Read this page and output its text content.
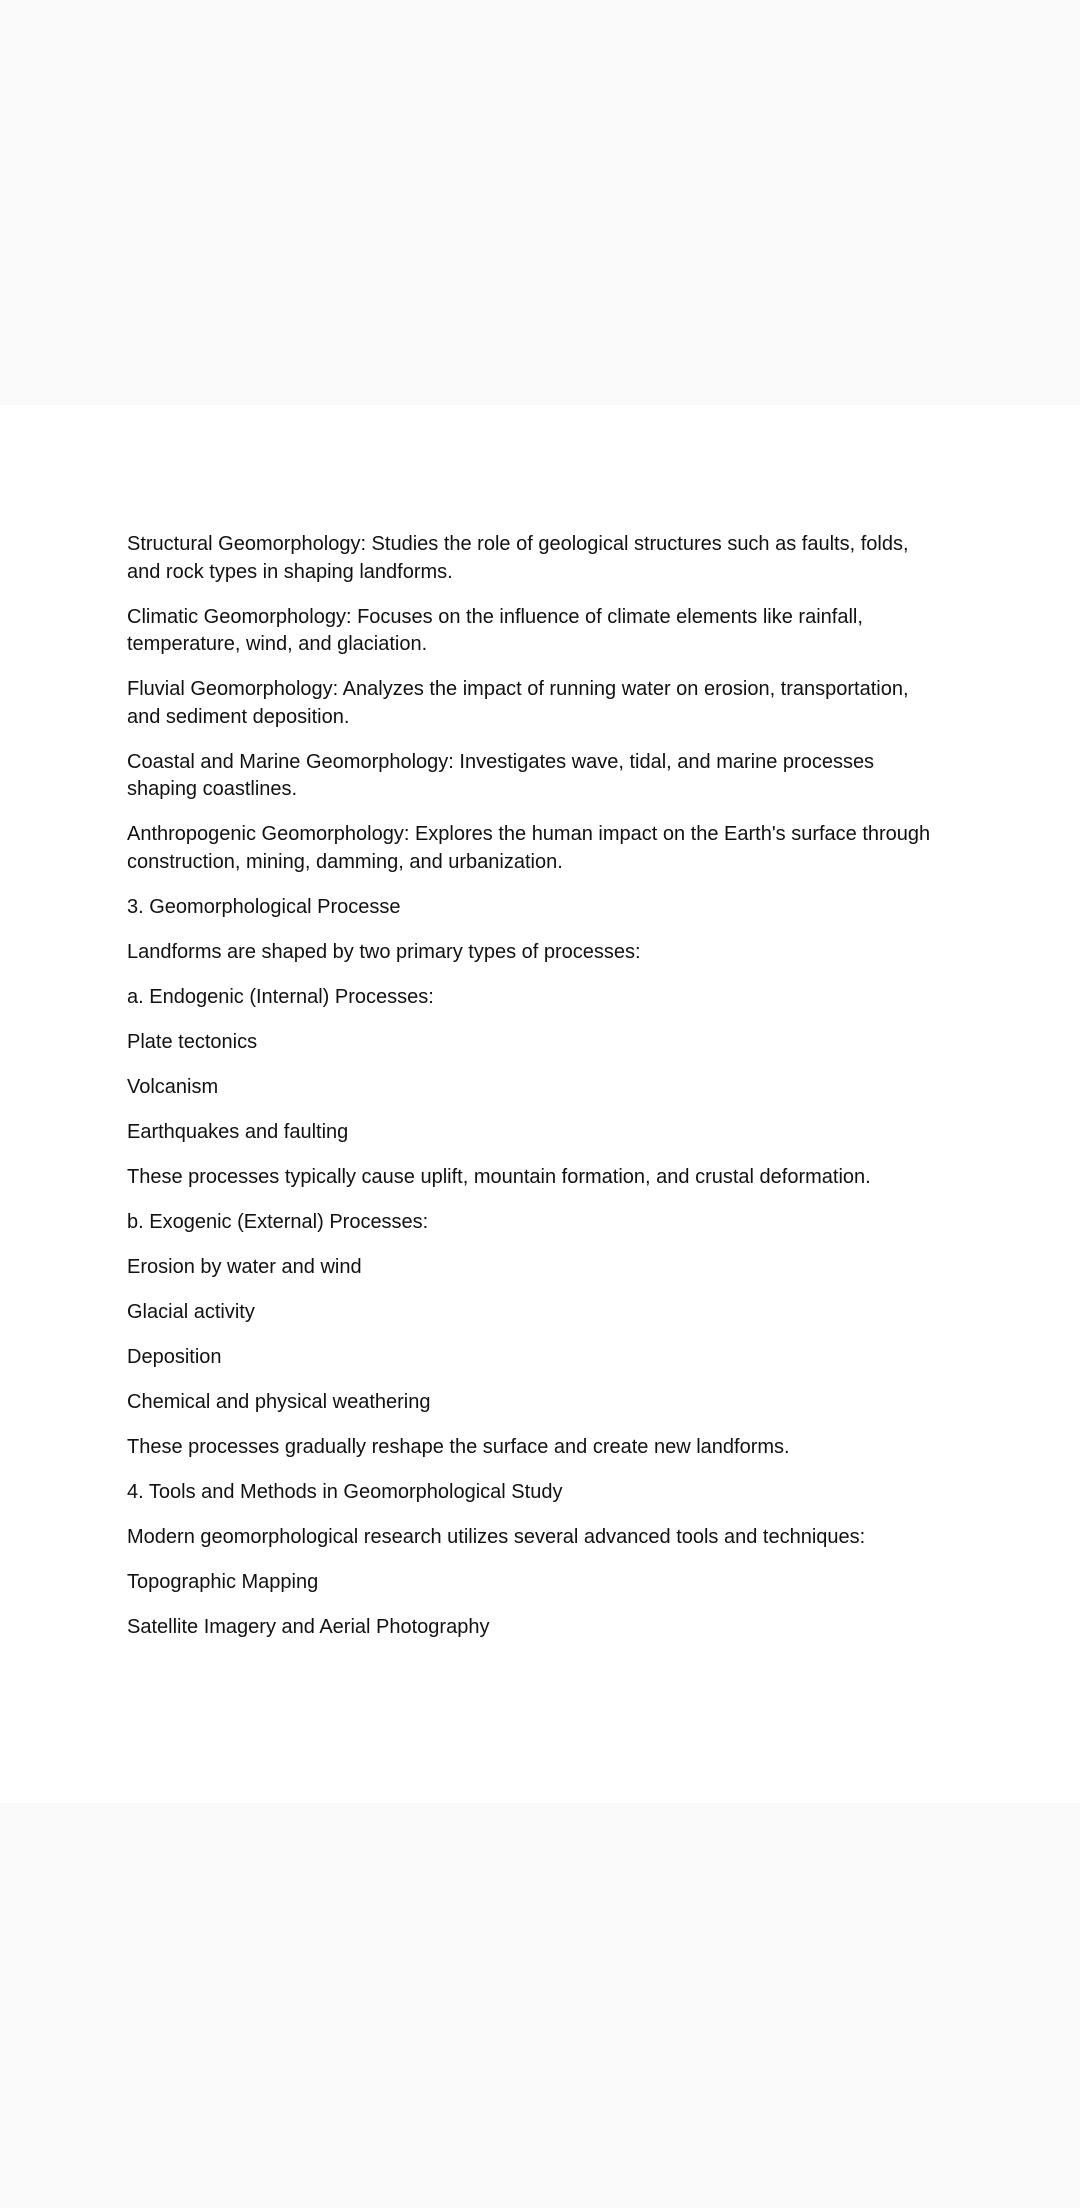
Structural Geomorphology: Studies the role of geological structures such as faults, folds, and rock types in shaping landforms.

Climatic Geomorphology: Focuses on the influence of climate elements like rainfall, temperature, wind, and glaciation.

Fluvial Geomorphology: Analyzes the impact of running water on erosion, transportation, and sediment deposition.

Coastal and Marine Geomorphology: Investigates wave, tidal, and marine processes shaping coastlines.

Anthropogenic Geomorphology: Explores the human impact on the Earth's surface through construction, mining, damming, and urbanization.

3. Geomorphological Processe

Landforms are shaped by two primary types of processes:

a. Endogenic (Internal) Processes:

Plate tectonics

Volcanism

Earthquakes and faulting

These processes typically cause uplift, mountain formation, and crustal deformation.

b. Exogenic (External) Processes:

Erosion by water and wind

Glacial activity

Deposition

Chemical and physical weathering

These processes gradually reshape the surface and create new landforms.

4. Tools and Methods in Geomorphological Study

Modern geomorphological research utilizes several advanced tools and techniques:

Topographic Mapping

Satellite Imagery and Aerial Photography
